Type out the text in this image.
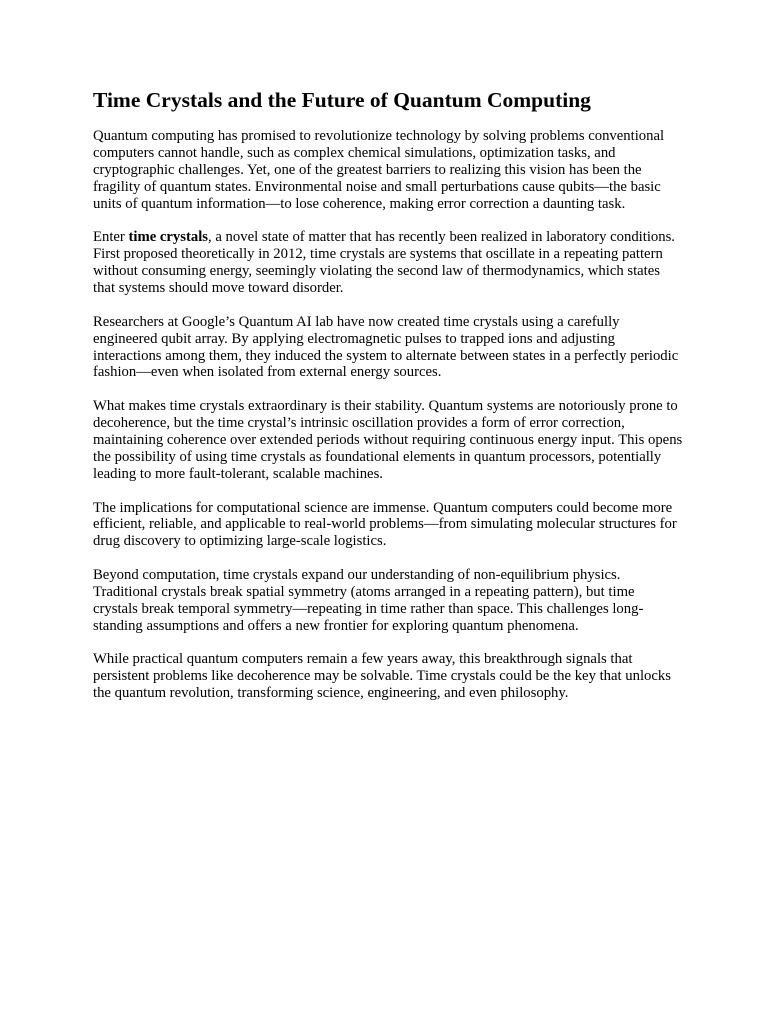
Time Crystals and the Future of Quantum Computing

Quantum computing has promised to revolutionize technology by solving problems conventional computers cannot handle, such as complex chemical simulations, optimization tasks, and cryptographic challenges. Yet, one of the greatest barriers to realizing this vision has been the fragility of quantum states. Environmental noise and small perturbations cause qubits—the basic units of quantum information—to lose coherence, making error correction a daunting task.

Enter time crystals, a novel state of matter that has recently been realized in laboratory conditions. First proposed theoretically in 2012, time crystals are systems that oscillate in a repeating pattern without consuming energy, seemingly violating the second law of thermodynamics, which states that systems should move toward disorder.

Researchers at Google’s Quantum AI lab have now created time crystals using a carefully engineered qubit array. By applying electromagnetic pulses to trapped ions and adjusting interactions among them, they induced the system to alternate between states in a perfectly periodic fashion—even when isolated from external energy sources.

What makes time crystals extraordinary is their stability. Quantum systems are notoriously prone to decoherence, but the time crystal’s intrinsic oscillation provides a form of error correction, maintaining coherence over extended periods without requiring continuous energy input. This opens the possibility of using time crystals as foundational elements in quantum processors, potentially leading to more fault-tolerant, scalable machines.

The implications for computational science are immense. Quantum computers could become more efficient, reliable, and applicable to real-world problems—from simulating molecular structures for drug discovery to optimizing large-scale logistics.

Beyond computation, time crystals expand our understanding of non-equilibrium physics. Traditional crystals break spatial symmetry (atoms arranged in a repeating pattern), but time crystals break temporal symmetry—repeating in time rather than space. This challenges long-standing assumptions and offers a new frontier for exploring quantum phenomena.

While practical quantum computers remain a few years away, this breakthrough signals that persistent problems like decoherence may be solvable. Time crystals could be the key that unlocks the quantum revolution, transforming science, engineering, and even philosophy.
